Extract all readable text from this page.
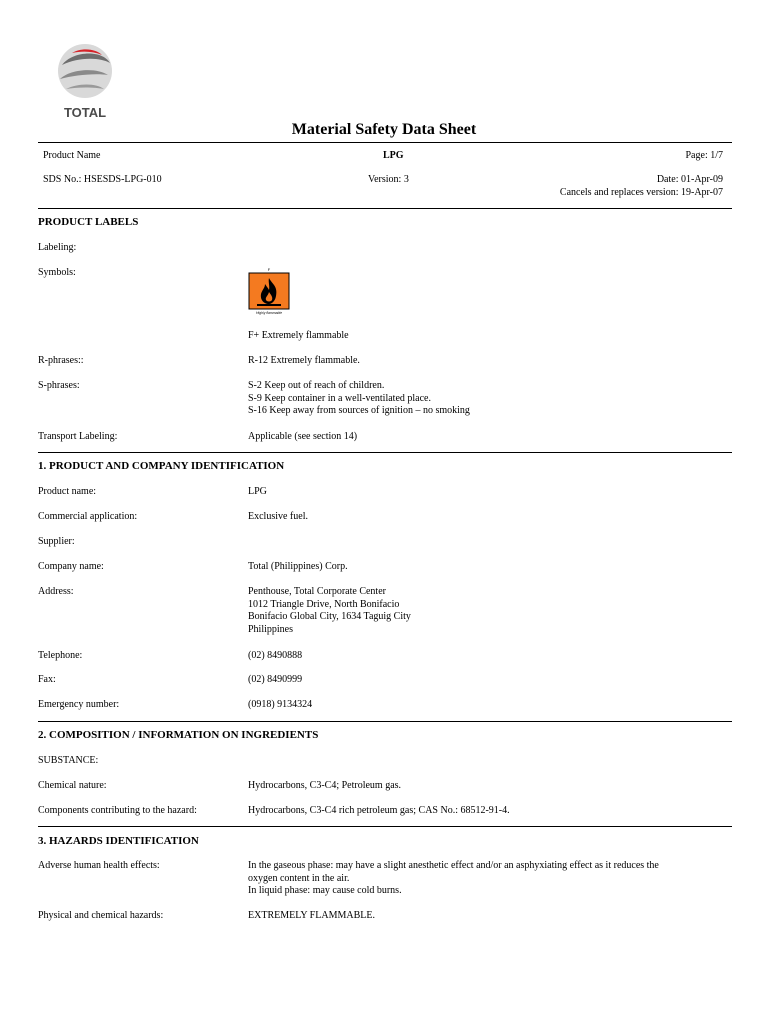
TOTAL
Material Safety Data Sheet
Product Name	LPG	Page: 1/7
SDS No.: HSESDS-LPG-010	Version: 3	Date: 01-Apr-09
Cancels and replaces version: 19-Apr-07
PRODUCT LABELS
Labeling:
Symbols:	F
Highly flammable
F+ Extremely flammable
R-phrases::	R-12 Extremely flammable.
S-phrases:	S-2 Keep out of reach of children.
S-9 Keep container in a well-ventilated place.
S-16 Keep away from sources of ignition – no smoking
Transport Labeling:	Applicable (see section 14)
1. PRODUCT AND COMPANY IDENTIFICATION
Product name:	LPG
Commercial application:	Exclusive fuel.
Supplier:
Company name:	Total (Philippines) Corp.
Address:	Penthouse, Total Corporate Center
1012 Triangle Drive, North Bonifacio
Bonifacio Global City, 1634 Taguig City
Philippines
Telephone:	(02) 8490888
Fax:	(02) 8490999
Emergency number:	(0918) 9134324
2. COMPOSITION / INFORMATION ON INGREDIENTS
SUBSTANCE:
Chemical nature:	Hydrocarbons, C3-C4; Petroleum gas.
Components contributing to the hazard:	Hydrocarbons, C3-C4 rich petroleum gas; CAS No.: 68512-91-4.
3. HAZARDS IDENTIFICATION
Adverse human health effects:	In the gaseous phase: may have a slight anesthetic effect and/or an asphyxiating effect as it reduces the
oxygen content in the air.
In liquid phase: may cause cold burns.
Physical and chemical hazards:	EXTREMELY FLAMMABLE.
